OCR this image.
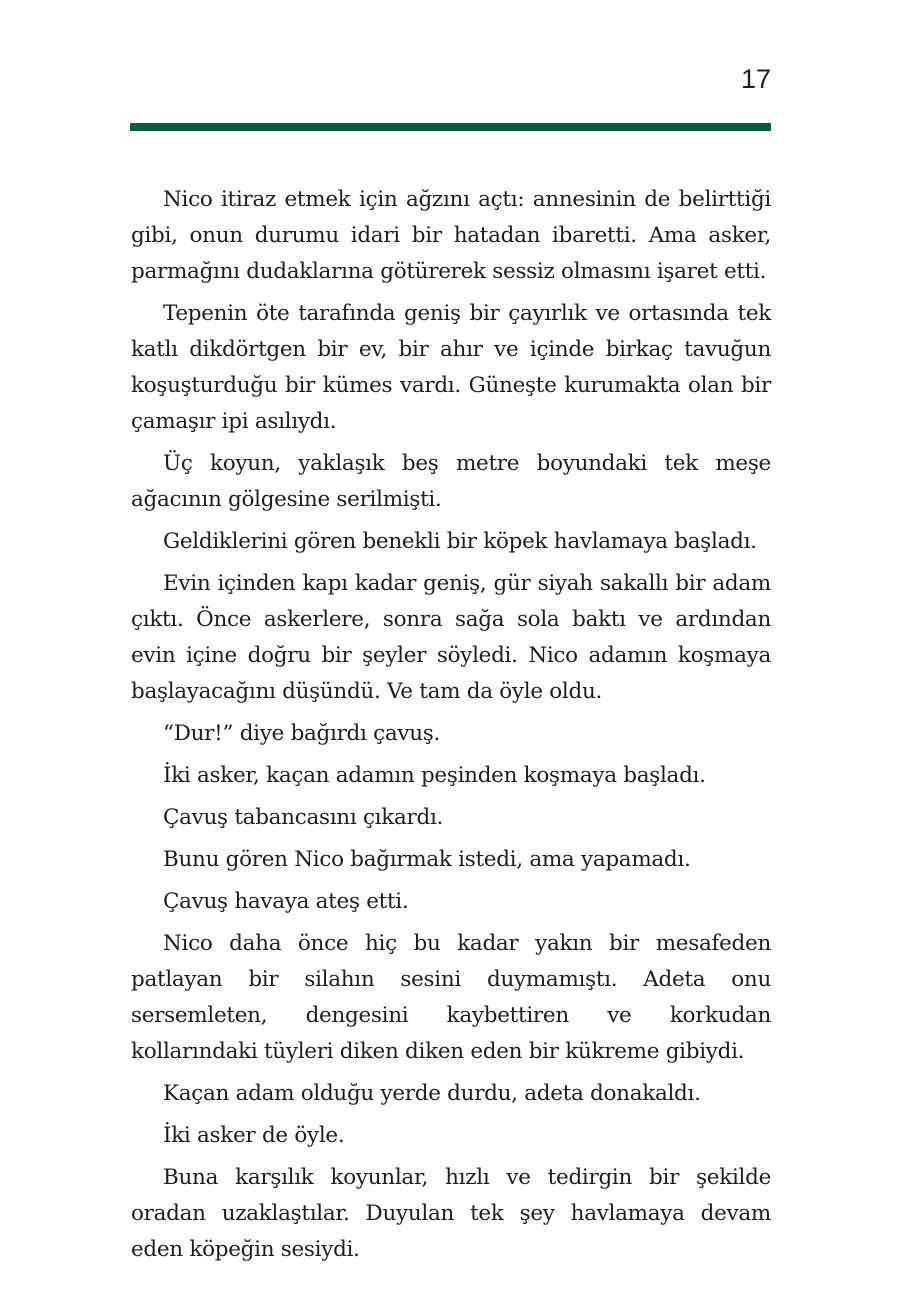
17

Nico itiraz etmek için ağzını açtı: annesinin de belirttiği gibi, onun durumu idari bir hatadan ibaretti. Ama asker, parmağını dudaklarına götürerek sessiz olmasını işaret etti.

Tepenin öte tarafında geniş bir çayırlık ve ortasında tek katlı dikdörtgen bir ev, bir ahır ve içinde birkaç tavuğun koşuşturduğu bir kümes vardı. Güneşte kurumakta olan bir çamaşır ipi asılıydı.

Üç koyun, yaklaşık beş metre boyundaki tek meşe ağacının gölgesine serilmişti.

Geldiklerini gören benekli bir köpek havlamaya başladı.

Evin içinden kapı kadar geniş, gür siyah sakallı bir adam çıktı. Önce askerlere, sonra sağa sola baktı ve ardından evin içine doğru bir şeyler söyledi. Nico adamın koşmaya başlayacağını düşündü. Ve tam da öyle oldu.

“Dur!” diye bağırdı çavuş.

İki asker, kaçan adamın peşinden koşmaya başladı.

Çavuş tabancasını çıkardı.

Bunu gören Nico bağırmak istedi, ama yapamadı.

Çavuş havaya ateş etti.

Nico daha önce hiç bu kadar yakın bir mesafeden patlayan bir silahın sesini duymamıştı. Adeta onu sersemleten, dengesini kaybettiren ve korkudan kollarındaki tüyleri diken diken eden bir kükreme gibiydi.

Kaçan adam olduğu yerde durdu, adeta donakaldı.

İki asker de öyle.

Buna karşılık koyunlar, hızlı ve tedirgin bir şekilde oradan uzaklaştılar. Duyulan tek şey havlamaya devam eden köpeğin sesiydi.
